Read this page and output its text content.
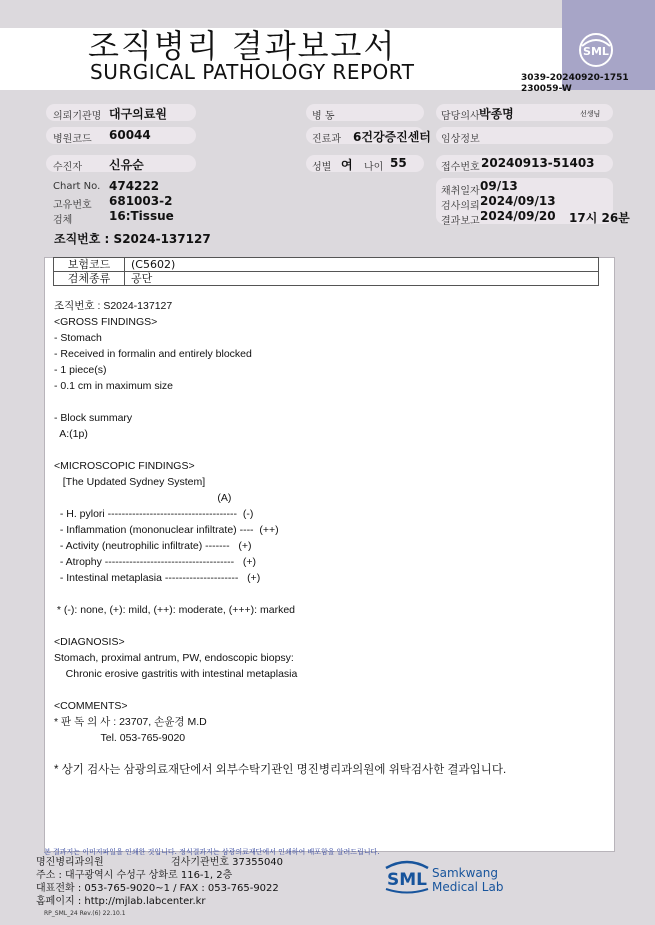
조직병리 결과보고서
SURGICAL PATHOLOGY REPORT
SML
3039-20240920-1751
230059-W
의뢰기관명 대구의료원	병 동	담당의사 박종명	선생님
병원코드 60044	진료과 6건강증진센터 임상정보
수진자 신유순	성별 여 나이 55	접수번호 20240913-51403
Chart No. 474222
고유번호 681003-2
검체	16:Tissue
채취일자 09/13
검사의뢰 2024/09/13
결과보고 2024/09/20 17시 26분
조직번호 : S2024-137127
보험코드	(C5602)
검체종류	공단
조직번호 : S2024-137127
<GROSS FINDINGS>
- Stomach
- Received in formalin and entirely blocked
- 1 piece(s)
- 0.1 cm in maximum size
- Block summary
A:(1p)
<MICROSCOPIC FINDINGS>
[The Updated Sydney System]
(A)
- H. pylori -------------------------------------  (-)
- Inflammation (mononuclear infiltrate) ----  (++)
- Activity (neutrophilic infiltrate) -------   (+)
- Atrophy -------------------------------------   (+)
- Intestinal metaplasia ---------------------   (+)
* (-): none, (+): mild, (++): moderate, (+++): marked
<DIAGNOSIS>
Stomach, proximal antrum, PW, endoscopic biopsy:
Chronic erosive gastritis with intestinal metaplasia
<COMMENTS>
* 판 독 의 사 : 23707, 손윤경 M.D
Tel. 053-765-9020
* 상기 검사는 삼광의료재단에서 외부수탁기관인 명진병리과의원에 위탁검사한 결과입니다.
본 결과지는 이미지파일을 인쇄한 것입니다. 정식결과지는 삼광의료재단에서 인쇄하여 배포함을 알려드립니다.
명진병리과의원	검사기관번호 37355040
주소 : 대구광역시 수성구 상화로 116-1, 2층
대표전화 : 053-765-9020~1 / FAX : 053-765-9022
홈페이지 : http://mjlab.labcenter.kr
RP_SML_24 Rev.(6) 22.10.1
SML Samkwang
Medical Lab
